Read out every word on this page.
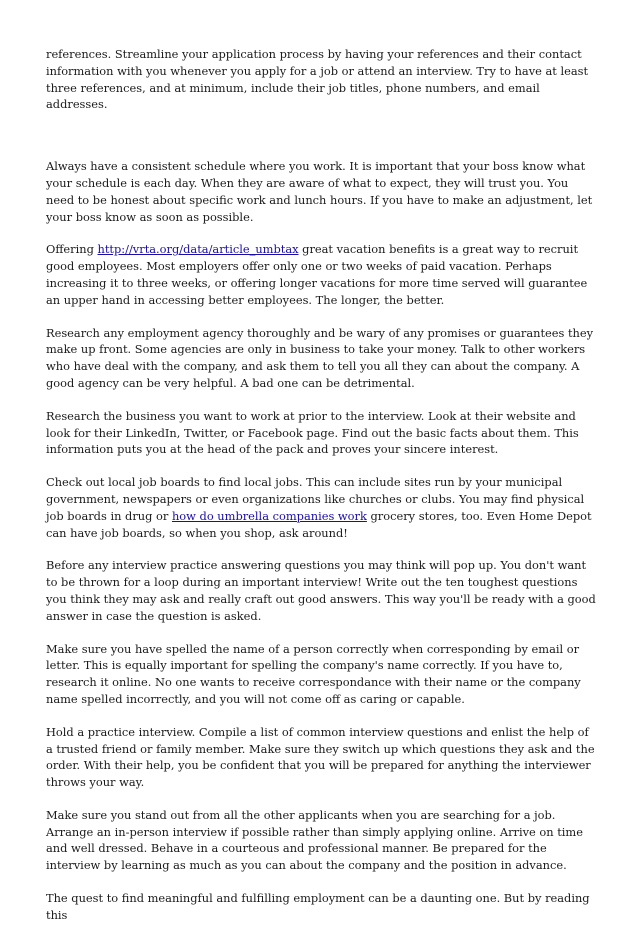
references. Streamline your application process by having your references and their contact information with you whenever you apply for a job or attend an interview. Try to have at least three references, and at minimum, include their job titles, phone numbers, and email addresses.

Always have a consistent schedule where you work. It is important that your boss know what your schedule is each day. When they are aware of what to expect, they will trust you. You need to be honest about specific work and lunch hours. If you have to make an adjustment, let your boss know as soon as possible.

Offering http://vrta.org/data/article_umbtax great vacation benefits is a great way to recruit good employees. Most employers offer only one or two weeks of paid vacation. Perhaps increasing it to three weeks, or offering longer vacations for more time served will guarantee an upper hand in accessing better employees. The longer, the better.

Research any employment agency thoroughly and be wary of any promises or guarantees they make up front. Some agencies are only in business to take your money. Talk to other workers who have deal with the company, and ask them to tell you all they can about the company. A good agency can be very helpful. A bad one can be detrimental.

Research the business you want to work at prior to the interview. Look at their website and look for their LinkedIn, Twitter, or Facebook page. Find out the basic facts about them. This information puts you at the head of the pack and proves your sincere interest.

Check out local job boards to find local jobs. This can include sites run by your municipal government, newspapers or even organizations like churches or clubs. You may find physical job boards in drug or how do umbrella companies work grocery stores, too. Even Home Depot can have job boards, so when you shop, ask around!

Before any interview practice answering questions you may think will pop up. You don't want to be thrown for a loop during an important interview! Write out the ten toughest questions you think they may ask and really craft out good answers. This way you'll be ready with a good answer in case the question is asked.

Make sure you have spelled the name of a person correctly when corresponding by email or letter. This is equally important for spelling the company's name correctly. If you have to, research it online. No one wants to receive correspondance with their name or the company name spelled incorrectly, and you will not come off as caring or capable.

Hold a practice interview. Compile a list of common interview questions and enlist the help of a trusted friend or family member. Make sure they switch up which questions they ask and the order. With their help, you be confident that you will be prepared for anything the interviewer throws your way.

Make sure you stand out from all the other applicants when you are searching for a job. Arrange an in-person interview if possible rather than simply applying online. Arrive on time and well dressed. Behave in a courteous and professional manner. Be prepared for the interview by learning as much as you can about the company and the position in advance.

The quest to find meaningful and fulfilling employment can be a daunting one. But by reading this
